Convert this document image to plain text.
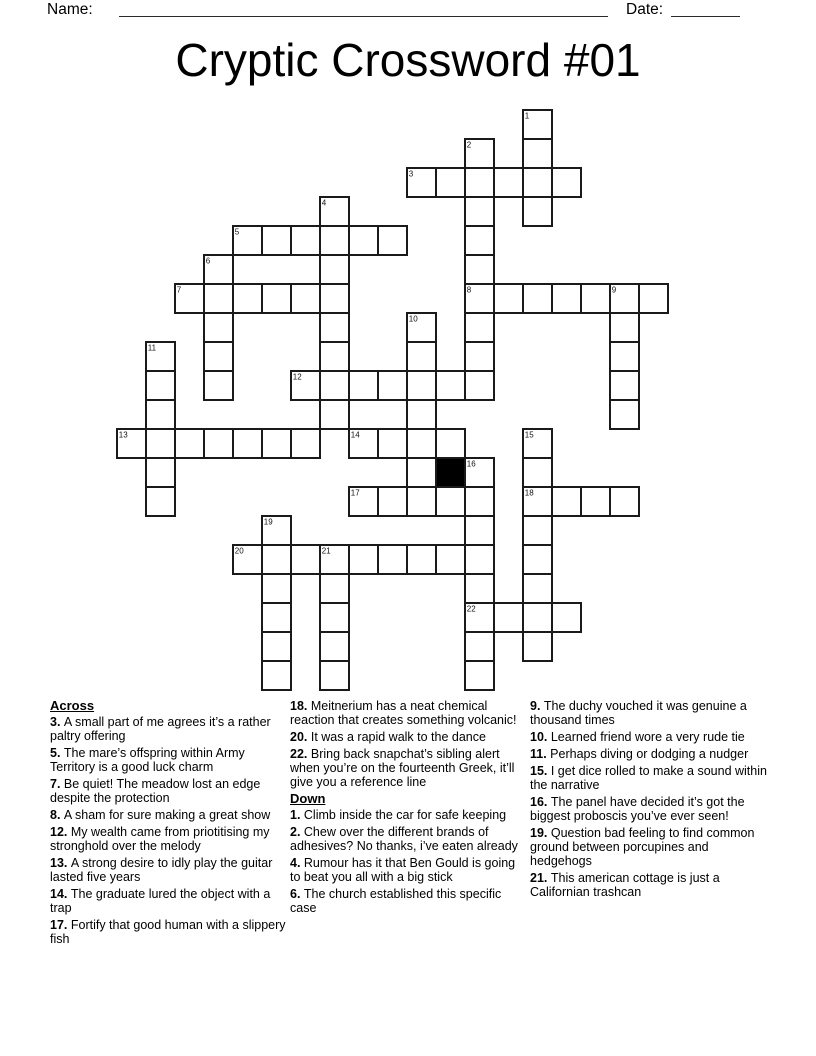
Name:	Date:
Cryptic Crossword #01
1
2
3
4
5
6
7	8	9
10
11
12
13	14	15
16
17	18
19
20	21
22

Across

3. A small part of me agrees it’s a rather paltry offering

5. The mare’s offspring within Army Territory is a good luck charm

7. Be quiet! The meadow lost an edge despite the protection

8. A sham for sure making a great show

12. My wealth came from priotitising my stronghold over the melody

13. A strong desire to idly play the guitar lasted five years

14. The graduate lured the object with a trap

17. Fortify that good human with a slippery fish

18. Meitnerium has a neat chemical reaction that creates something volcanic!

20. It was a rapid walk to the dance

22. Bring back snapchat’s sibling alert when you’re on the fourteenth Greek, it’ll give you a reference line

Down

1. Climb inside the car for safe keeping

2. Chew over the different brands of adhesives? No thanks, i’ve eaten already

4. Rumour has it that Ben Gould is going to beat you all with a big stick

6. The church established this specific case

9. The duchy vouched it was genuine a thousand times

10. Learned friend wore a very rude tie

11. Perhaps diving or dodging a nudger

15. I get dice rolled to make a sound within the narrative

16. The panel have decided it’s got the biggest proboscis you’ve ever seen!

19. Question bad feeling to find common ground between porcupines and hedgehogs

21. This american cottage is just a Californian trashcan
